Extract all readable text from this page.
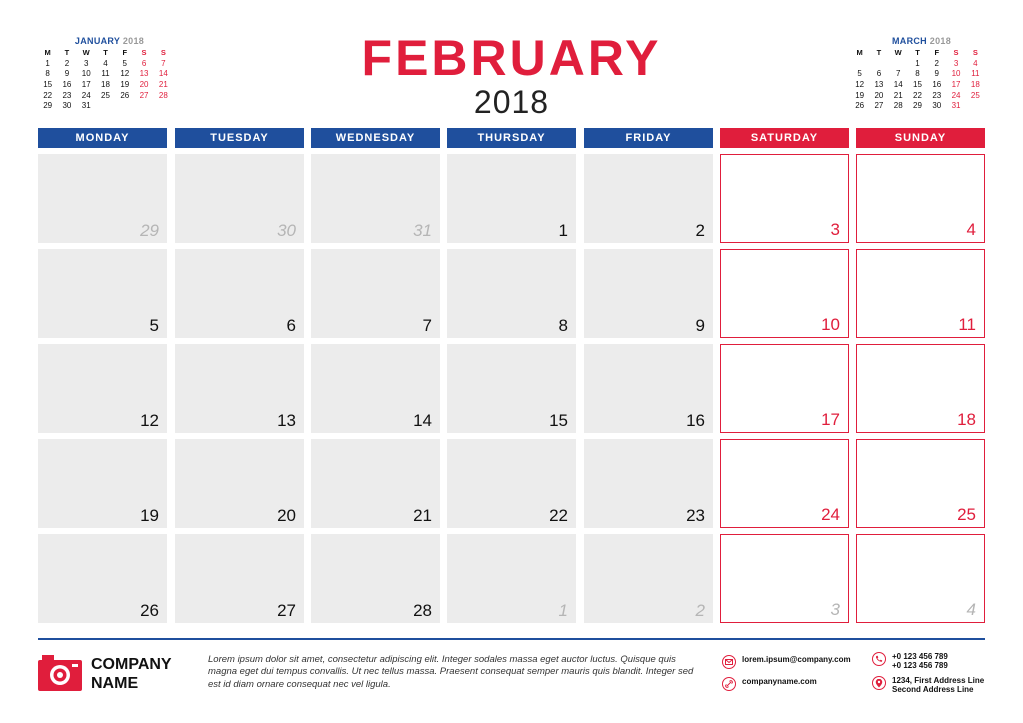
JANUARY 2018
M	T	W	T	F	S	S
1	2	3	4	5	6	7
8	9	10	11	12	13	14
15	16	17	18	19	20	21
22	23	24	25	26	27	28
29	30	31				
MARCH 2018
M	T	W	T	F	S	S
			1	2	3	4
5	6	7	8	9	10	11
12	13	14	15	16	17	18
19	20	21	22	23	24	25
26	27	28	29	30	31	
FEBRUARY
2018
MONDAY	TUESDAY	WEDNESDAY	THURSDAY	FRIDAY	SATURDAY	SUNDAY
29	30	31	1	2	3	4
5	6	7	8	9	10	11
12	13	14	15	16	17	18
19	20	21	22	23	24	25
26	27	28	1	2	3	4
COMPANY
NAME
Lorem ipsum dolor sit amet, consectetur adipiscing elit. Integer sodales massa eget auctor luctus. Quisque quis magna eget dui tempus convallis. Ut nec tellus massa. Praesent consequat semper mauris quis blandit. Integer sed est id diam ornare consequat nec vel ligula.
lorem.ipsum@company.com
companyname.com
+0 123 456 789
+0 123 456 789
1234, First Address Line
Second Address Line
